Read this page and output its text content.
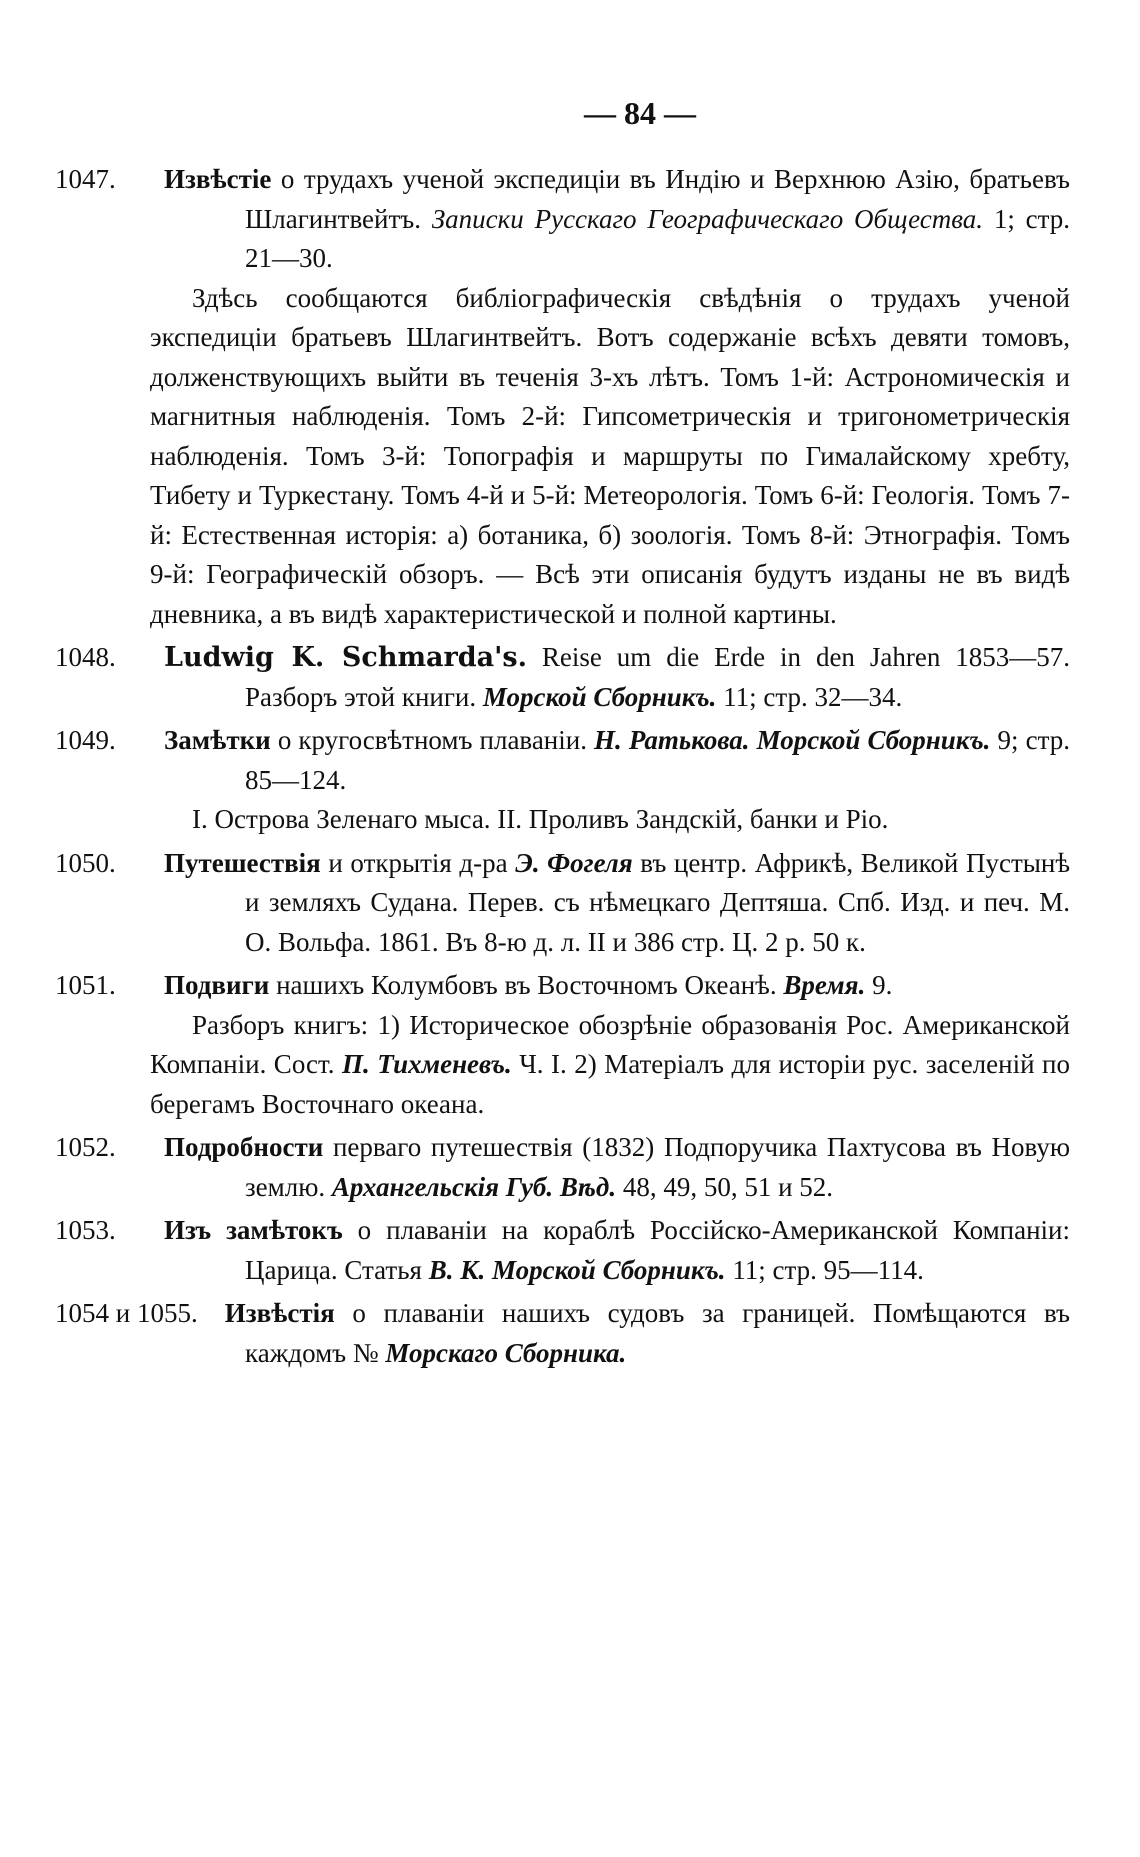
— 84 —

1047. Извѣстіе о трудахъ ученой экспедиціи въ Индію и Верхнюю Азію, братьевъ Шлагинтвейтъ. Записки Русскаго Географическаго Общества. 1; стр. 21—30.

Здѣсь сообщаются библіографическія свѣдѣнія о трудахъ ученой экспедиціи братьевъ Шлагинтвейтъ. Вотъ содержаніе всѣхъ девяти томовъ, долженствующихъ выйти въ теченія 3-хъ лѣтъ. Томъ 1-й: Астрономическія и магнитныя наблюденія. Томъ 2-й: Гипсометрическія и тригонометрическія наблюденія. Томъ 3-й: Топографія и маршруты по Гималайскому хребту, Тибету и Туркестану. Томъ 4-й и 5-й: Метеорологія. Томъ 6-й: Геологія. Томъ 7-й: Естественная исторія: а) ботаника, б) зоологія. Томъ 8-й: Этнографія. Томъ 9-й: Географическій обзоръ. — Всѣ эти описанія будутъ изданы не въ видѣ дневника, а въ видѣ характеристической и полной картины.

1048. Ludwig K. Schmarda's. Reise um die Erde in den Jahren 1853—57. Разборъ этой книги. Морской Сборникъ. 11; стр. 32—34.

1049. Замѣтки о кругосвѣтномъ плаваніи. Н. Ратькова. Морской Сборникъ. 9; стр. 85—124.

I. Острова Зеленаго мыса. II. Проливъ Зандскій, банки и Ріо.

1050. Путешествія и открытія д-ра Э. Фогеля въ центр. Африкѣ, Великой Пустынѣ и земляхъ Судана. Перев. съ нѣмецкаго Дептяша. Спб. Изд. и печ. М. О. Вольфа. 1861. Въ 8-ю д. л. II и 386 стр. Ц. 2 р. 50 к.

1051. Подвиги нашихъ Колумбовъ въ Восточномъ Океанѣ. Время. 9.

Разборъ книгъ: 1) Историческое обозрѣніе образованія Рос. Американской Компаніи. Сост. П. Тихменевъ. Ч. I. 2) Матеріалъ для исторіи рус. заселеній по берегамъ Восточнаго океана.

1052. Подробности перваго путешествія (1832) Подпоручика Пахтусова въ Новую землю. Архангельскія Губ. Вѣд. 48, 49, 50, 51 и 52.

1053. Изъ замѣтокъ о плаваніи на кораблѣ Россійско-Американской Компаніи: Царица. Статья В. К. Морской Сборникъ. 11; стр. 95—114.

1054 и 1055. Извѣстія о плаваніи нашихъ судовъ за границей. Помѣщаются въ каждомъ № Морскаго Сборника.
